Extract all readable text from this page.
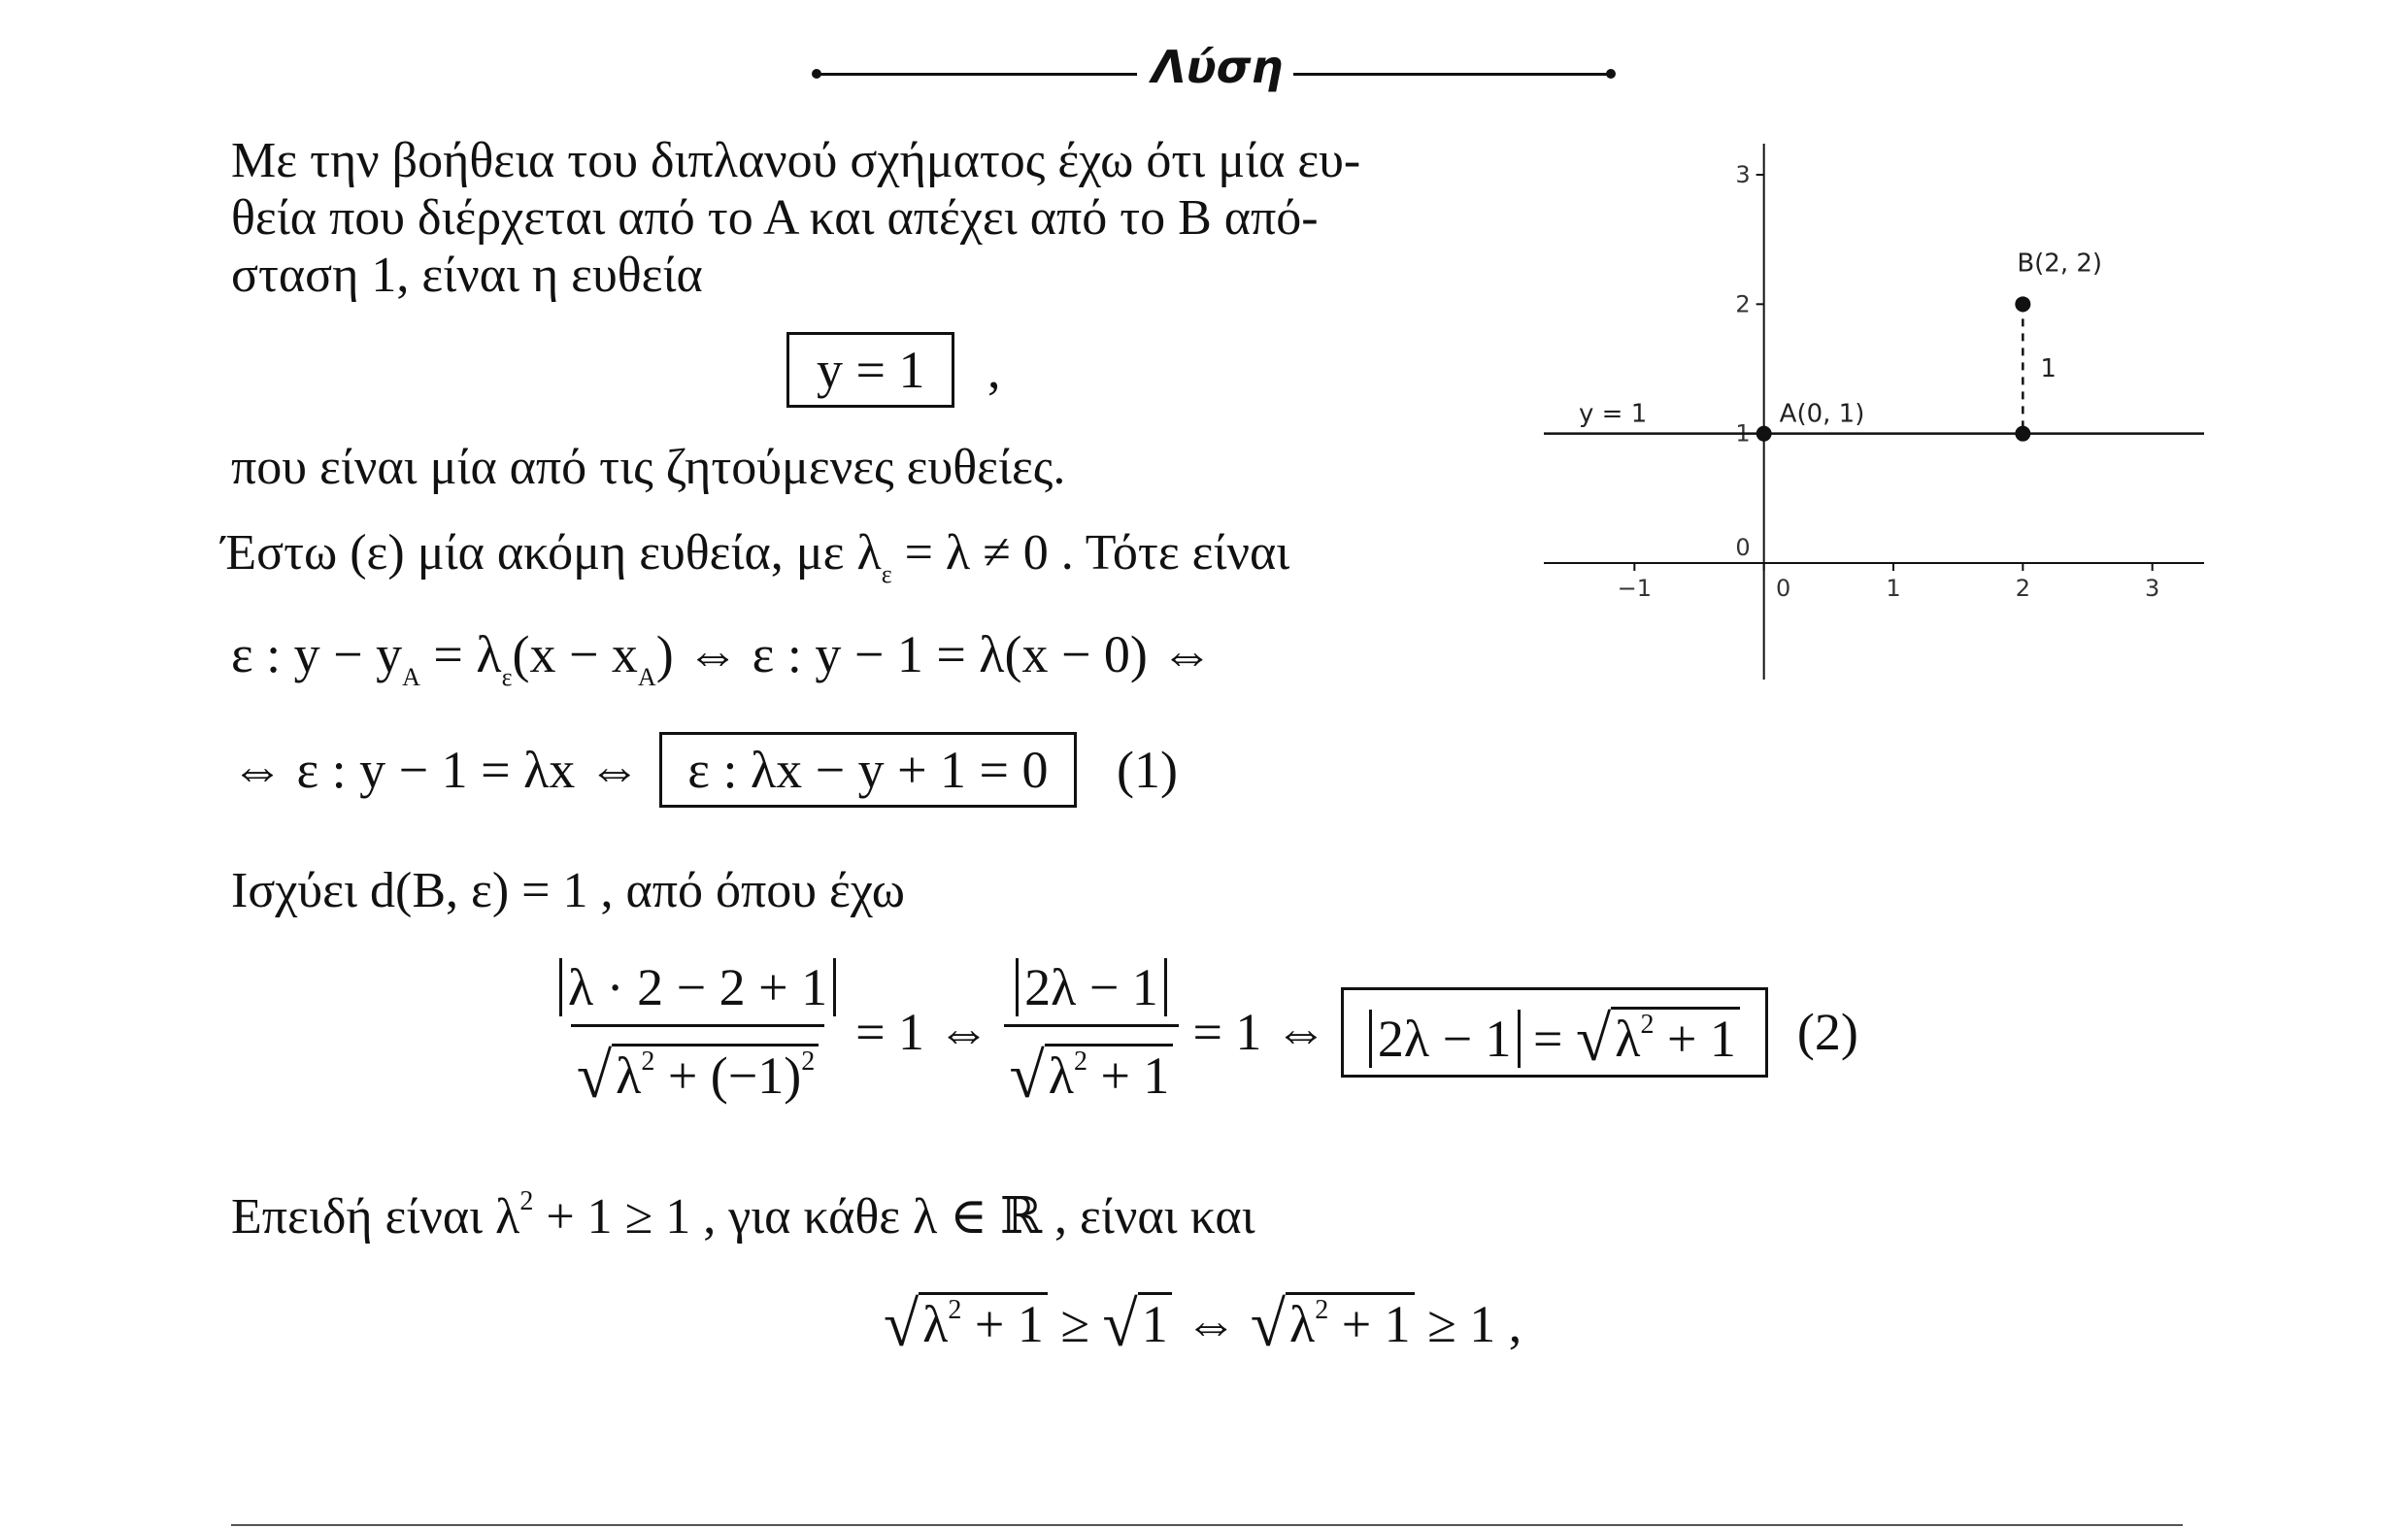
Λύση
Με την βοήθεια του διπλανού σχήματος έχω ότι μία ευ-
θεία που διέρχεται από το Α και απέχει από το Β από-
σταση 1, είναι η ευθεία
y = 1 ,
που είναι μία από τις ζητούμενες ευθείες.
Έστω (ε) μία ακόμη ευθεία, με $\lambda_\varepsilon = \lambda \ne 0$ . Τότε είναι
ε : $y - y_A = \lambda_\varepsilon(x - x_A)$ ⇔ ε : y − 1 = λ(x − 0) ⇔
⇔ ε : y − 1 = λx ⇔ ε : λx − y + 1 = 0 (1)
Ισχύει d(B, ε) = 1 , από όπου έχω
$\frac{\lambda \cdot 2 - 2 + 1}{√\lambda^2 + (-1)^2} = 1$ ⇔ $\frac{2\lambda - 1}{√\lambda^2 + 1} = 1$ ⇔ $2\lambda - 1 = √\lambda^2 + 1$	(2)
Επειδή είναι $\lambda^2 + 1 \ge 1$ , για κάθε λ ∈ ℝ , είναι και
$√\lambda^2 + 1 \ge √1$ ⇔ $√\lambda^2 + 1 \ge 1$ ,
−1	0	1	2	3
3
2
1
0
y = 1
1
A(0, 1)
B(2, 2)
